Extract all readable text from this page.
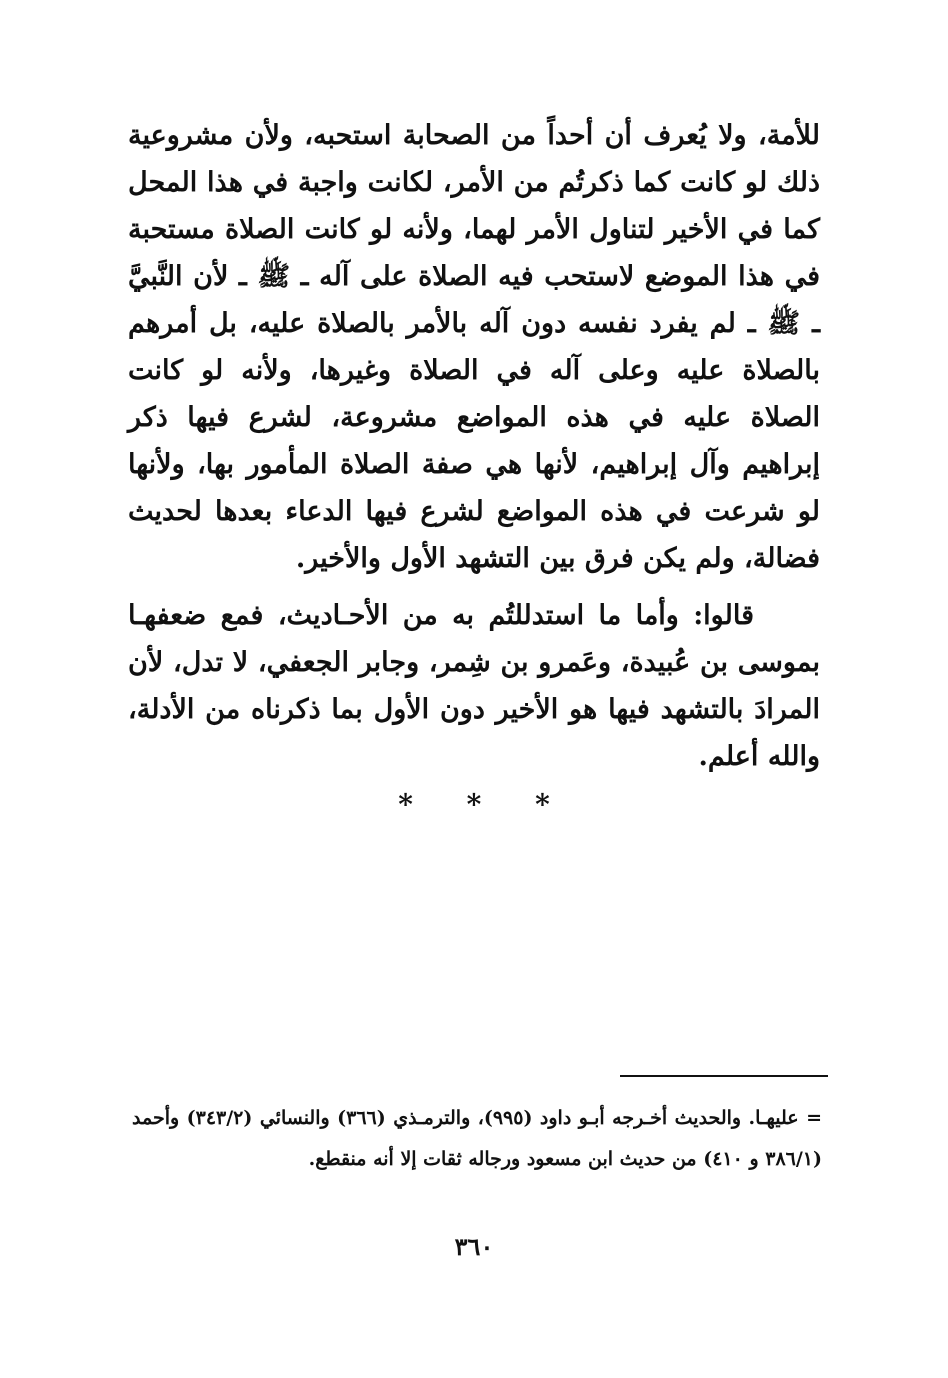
للأمة، ولا يُعرف أن أحداً من الصحابة استحبه، ولأن مشروعية ذلك لو كانت كما ذكرتُم من الأمر، لكانت واجبة في هذا المحل كما في الأخير لتناول الأمر لهما، ولأنه لو كانت الصلاة مستحبة في هذا الموضع لاستحب فيه الصلاة على آله ـ ﷺ ـ لأن النَّبيَّ ـ ﷺ ـ لم يفرد نفسه دون آله بالأمر بالصلاة عليه، بل أمرهم بالصلاة عليه وعلى آله في الصلاة وغيرها، ولأنه لو كانت الصلاة عليه في هذه المواضع مشروعة، لشرع فيها ذكر إبراهيم وآل إبراهيم، لأنها هي صفة الصلاة المأمور بها، ولأنها لو شرعت في هذه المواضع لشرع فيها الدعاء بعدها لحديث فضالة، ولم يكن فرق بين التشهد الأول والأخير.

قالوا: وأما ما استدللتُم به من الأحـاديث، فمع ضعفهـا بموسى بن عُبيدة، وعَمرو بن شِمر، وجابر الجعفي، لا تدل، لأن المرادَ بالتشهد فيها هو الأخير دون الأول بما ذكرناه من الأدلة، والله أعلم.

* * *

= عليهـا. والحديث أخـرجه أبـو داود (٩٩٥)، والترمـذي (٣٦٦) والنسائي (٣٤٣/٢) وأحمد (٣٨٦/١ و ٤١٠) من حديث ابن مسعود ورجاله ثقات إلا أنه منقطع.

٣٦٠
